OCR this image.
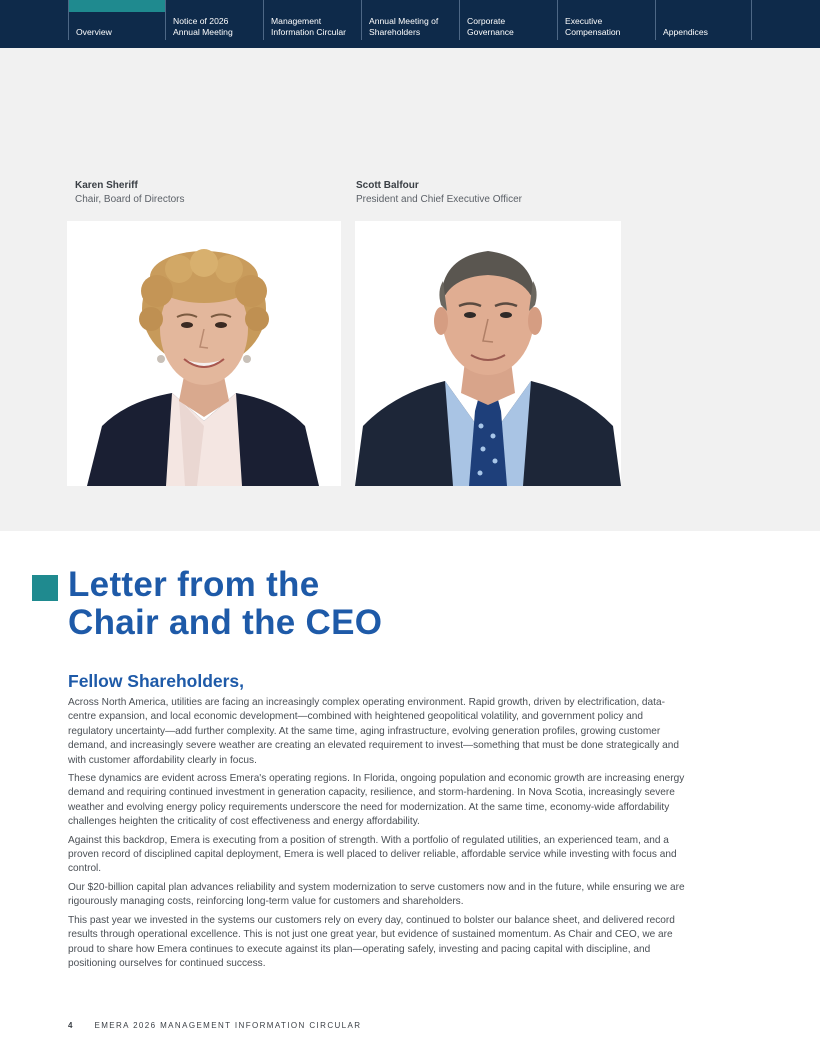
Overview
Notice of 2026
Annual Meeting
Management
Information Circular
Annual Meeting of
Shareholders
Corporate
Governance
Executive
Compensation	Appendices
Karen Sheriff
Chair, Board of Directors
Scott Balfour
President and Chief Executive Officer
Letter from the
Chair and the CEO
Fellow Shareholders,

Across North America, utilities are facing an increasingly complex operating environment. Rapid growth, driven by electrification, data-centre expansion, and local economic development—combined with heightened geopolitical volatility, and government policy and regulatory uncertainty—add further complexity. At the same time, aging infrastructure, evolving generation profiles, growing customer demand, and increasingly severe weather are creating an elevated requirement to invest—something that must be done strategically and with customer affordability clearly in focus.

These dynamics are evident across Emera's operating regions. In Florida, ongoing population and economic growth are increasing energy demand and requiring continued investment in generation capacity, resilience, and storm-hardening. In Nova Scotia, increasingly severe weather and evolving energy policy requirements underscore the need for modernization. At the same time, economy-wide affordability challenges heighten the criticality of cost effectiveness and energy affordability.

Against this backdrop, Emera is executing from a position of strength. With a portfolio of regulated utilities, an experienced team, and a proven record of disciplined capital deployment, Emera is well placed to deliver reliable, affordable service while investing with focus and control.

Our $20-billion capital plan advances reliability and system modernization to serve customers now and in the future, while ensuring we are rigourously managing costs, reinforcing long-term value for customers and shareholders.

This past year we invested in the systems our customers rely on every day, continued to bolster our balance sheet, and delivered record results through operational excellence. This is not just one great year, but evidence of sustained momentum. As Chair and CEO, we are proud to share how Emera continues to execute against its plan—operating safely, investing and pacing capital with discipline, and positioning ourselves for continued success.

4	EMERA 2026 MANAGEMENT INFORMATION CIRCULAR
